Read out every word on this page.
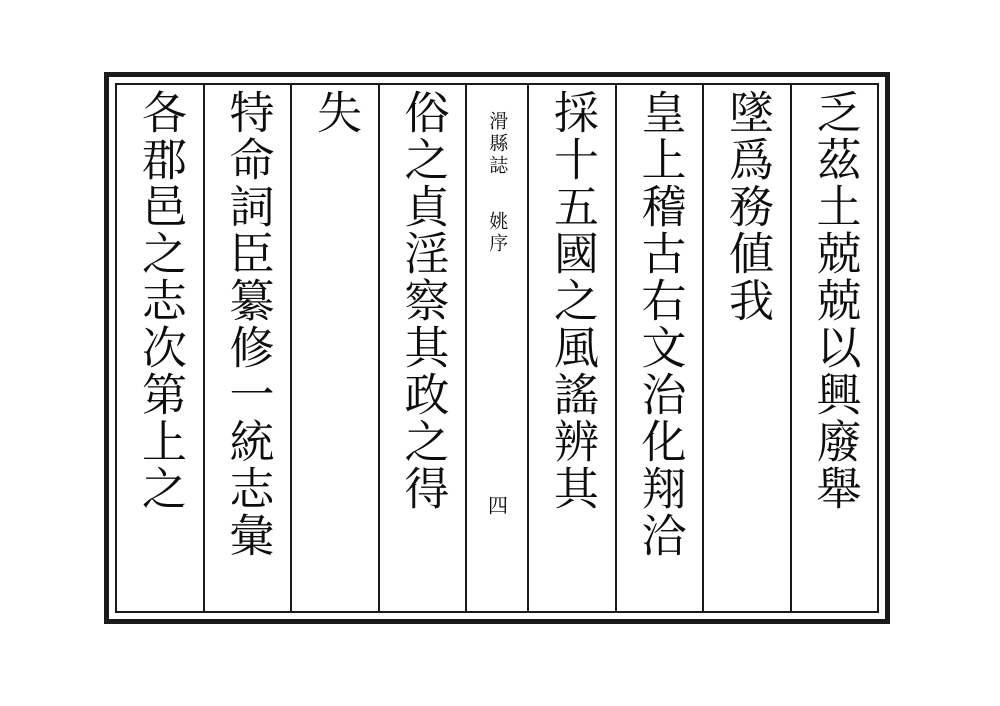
乏茲土兢兢以興廢舉
墜爲務値我
皇上稽古右文治化翔洽
採十五國之風謠辨其
滑縣誌
姚序
四
俗之貞淫察其政之得
失
特命詞臣纂修一統志彙
各郡邑之志次第上之
